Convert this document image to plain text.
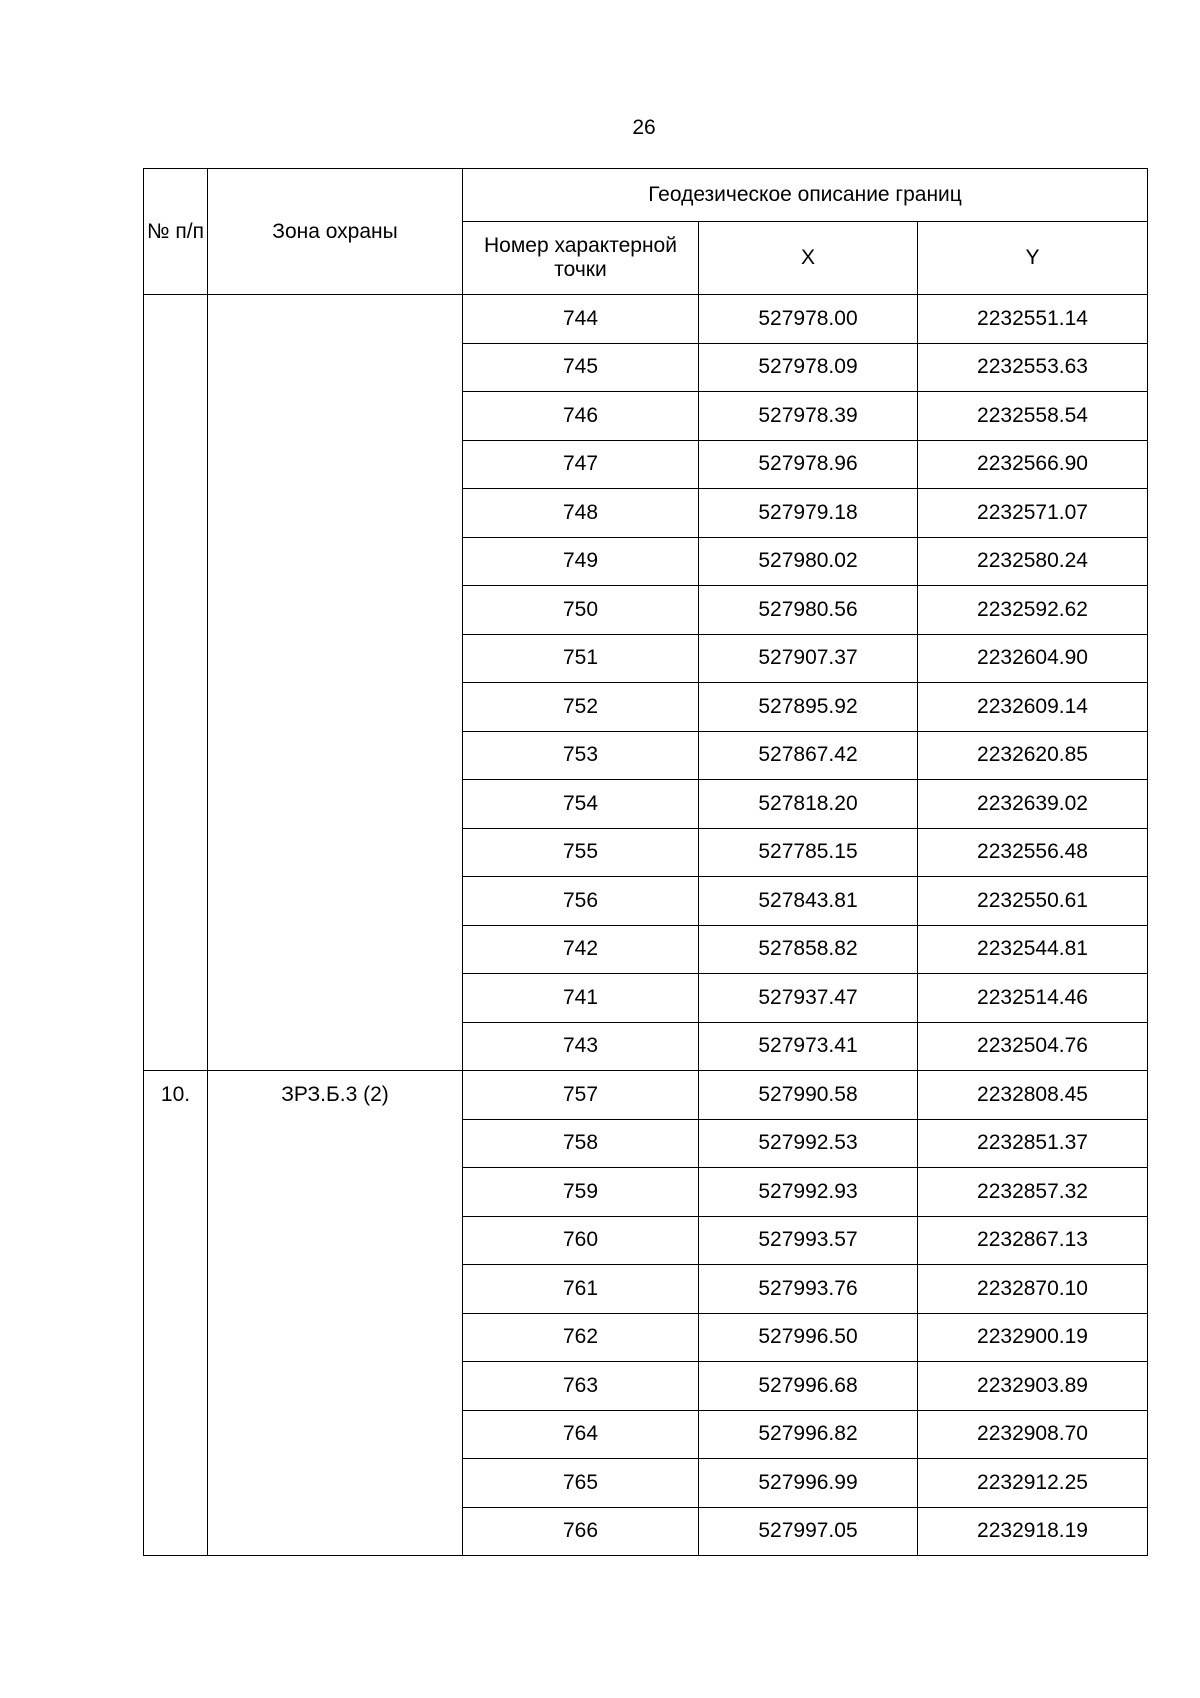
26
№ п/п	Зона охраны	Геодезическое описание границ		
		Номер характерной точки	X	Y
		744	527978.00	2232551.14
		745	527978.09	2232553.63
		746	527978.39	2232558.54
		747	527978.96	2232566.90
		748	527979.18	2232571.07
		749	527980.02	2232580.24
		750	527980.56	2232592.62
		751	527907.37	2232604.90
		752	527895.92	2232609.14
		753	527867.42	2232620.85
		754	527818.20	2232639.02
		755	527785.15	2232556.48
		756	527843.81	2232550.61
		742	527858.82	2232544.81
		741	527937.47	2232514.46
		743	527973.41	2232504.76
10.	ЗРЗ.Б.3 (2)	757	527990.58	2232808.45
		758	527992.53	2232851.37
		759	527992.93	2232857.32
		760	527993.57	2232867.13
		761	527993.76	2232870.10
		762	527996.50	2232900.19
		763	527996.68	2232903.89
		764	527996.82	2232908.70
		765	527996.99	2232912.25
		766	527997.05	2232918.19
